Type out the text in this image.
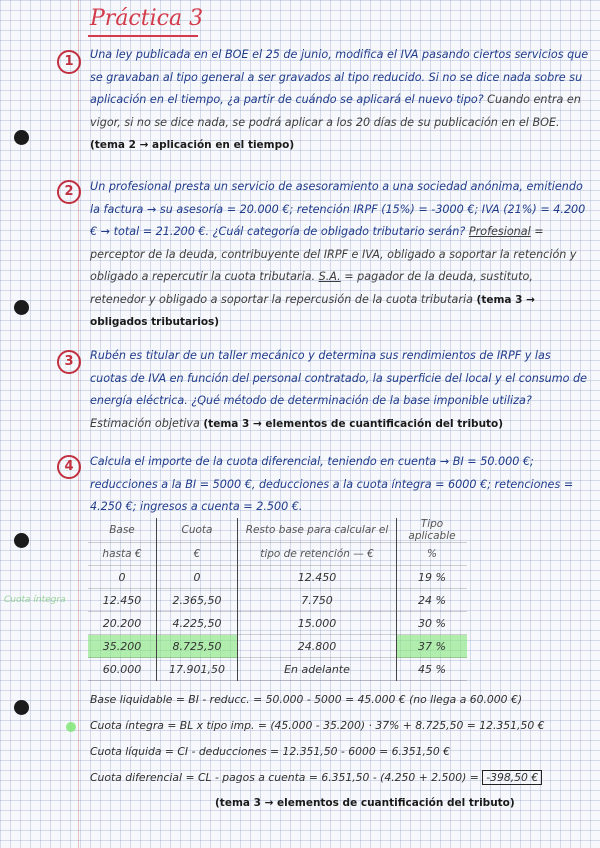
Práctica 3
1	Una ley publicada en el BOE el 25 de junio, modifica el IVA pasando ciertos servicios que se gravaban al tipo general a ser gravados al tipo reducido. Si no se dice nada sobre su aplicación en el tiempo, ¿a partir de cuándo se aplicará el nuevo tipo? Cuando entra en vigor, si no se dice nada, se podrá aplicar a los 20 días de su publicación en el BOE. (tema 2 → aplicación en el tiempo)
2	Un profesional presta un servicio de asesoramiento a una sociedad anónima, emitiendo la factura → su asesoría = 20.000 €; retención IRPF (15%) = -3000 €; IVA (21%) = 4.200 € → total = 21.200 €. ¿Cuál categoría de obligado tributario serán? Profesional = perceptor de la deuda, contribuyente del IRPF e IVA, obligado a soportar la retención y obligado a repercutir la cuota tributaria. S.A. = pagador de la deuda, sustituto, retenedor y obligado a soportar la repercusión de la cuota tributaria (tema 3 → obligados tributarios)
3	Rubén es titular de un taller mecánico y determina sus rendimientos de IRPF y las cuotas de IVA en función del personal contratado, la superficie del local y el consumo de energía eléctrica. ¿Qué método de determinación de la base imponible utiliza? Estimación objetiva (tema 3 → elementos de cuantificación del tributo)
4	Calcula el importe de la cuota diferencial, teniendo en cuenta → BI = 50.000 €; reducciones a la BI = 5000 €, deducciones a la cuota íntegra = 6000 €; retenciones = 4.250 €; ingresos a cuenta = 2.500 €.
Cuota íntegra
Base	Cuota	Resto base para calcular el	Tipo aplicable
hasta €	€	tipo de retención — €	%
0	0	12.450	19 %
12.450	2.365,50	7.750	24 %
20.200	4.225,50	15.000	30 %
35.200	8.725,50	24.800	37 %
60.000	17.901,50	En adelante	45 %
Base liquidable = BI - reducc. = 50.000 - 5000 = 45.000 € (no llega a 60.000 €)
Cuota íntegra = BL x tipo imp. = (45.000 - 35.200) · 37% + 8.725,50 = 12.351,50 €
Cuota líquida = CI - deducciones = 12.351,50 - 6000 = 6.351,50 €
Cuota diferencial = CL - pagos a cuenta = 6.351,50 - (4.250 + 2.500) = -398,50 €
(tema 3 → elementos de cuantificación del tributo)
